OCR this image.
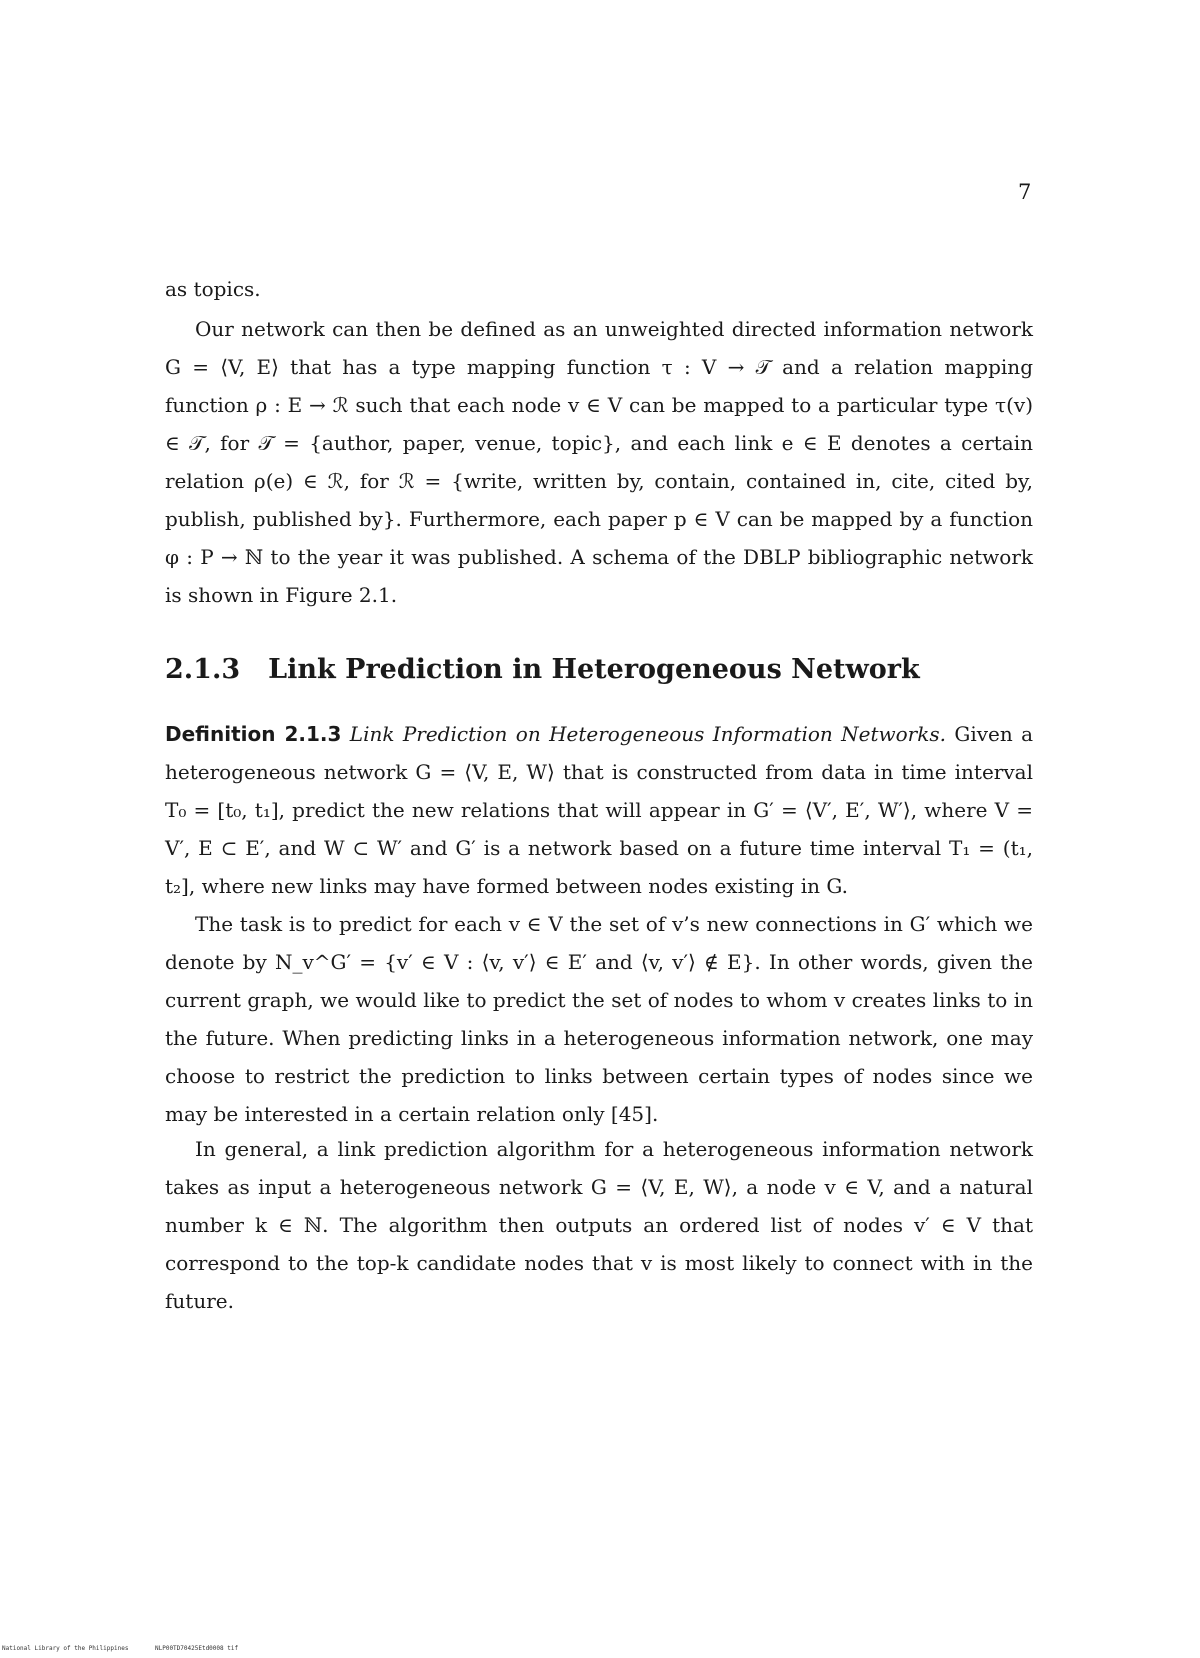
7

as topics.

Our network can then be defined as an unweighted directed information network G = ⟨V, E⟩ that has a type mapping function τ : V → 𝒯 and a relation mapping function ρ : E → ℛ such that each node v ∈ V can be mapped to a particular type τ(v) ∈ 𝒯, for 𝒯 = {author, paper, venue, topic}, and each link e ∈ E denotes a certain relation ρ(e) ∈ ℛ, for ℛ = {write, written by, contain, contained in, cite, cited by, publish, published by}. Furthermore, each paper p ∈ V can be mapped by a function φ : P → ℕ to the year it was published. A schema of the DBLP bibliographic network is shown in Figure 2.1.

2.1.3 Link Prediction in Heterogeneous Network

Definition 2.1.3 Link Prediction on Heterogeneous Information Networks. Given a heterogeneous network G = ⟨V, E, W⟩ that is constructed from data in time interval T₀ = [t₀, t₁], predict the new relations that will appear in G′ = ⟨V′, E′, W′⟩, where V = V′, E ⊂ E′, and W ⊂ W′ and G′ is a network based on a future time interval T₁ = (t₁, t₂], where new links may have formed between nodes existing in G.

The task is to predict for each v ∈ V the set of v’s new connections in G′ which we denote by N_v^G′ = {v′ ∈ V : ⟨v, v′⟩ ∈ E′ and ⟨v, v′⟩ ∉ E}. In other words, given the current graph, we would like to predict the set of nodes to whom v creates links to in the future. When predicting links in a heterogeneous information network, one may choose to restrict the prediction to links between certain types of nodes since we may be interested in a certain relation only [45].

In general, a link prediction algorithm for a heterogeneous information network takes as input a heterogeneous network G = ⟨V, E, W⟩, a node v ∈ V, and a natural number k ∈ ℕ. The algorithm then outputs an ordered list of nodes v′ ∈ V that correspond to the top-k candidate nodes that v is most likely to connect with in the future.

National Library of the Philippines	NLP00TD70425Etd0008 tif
